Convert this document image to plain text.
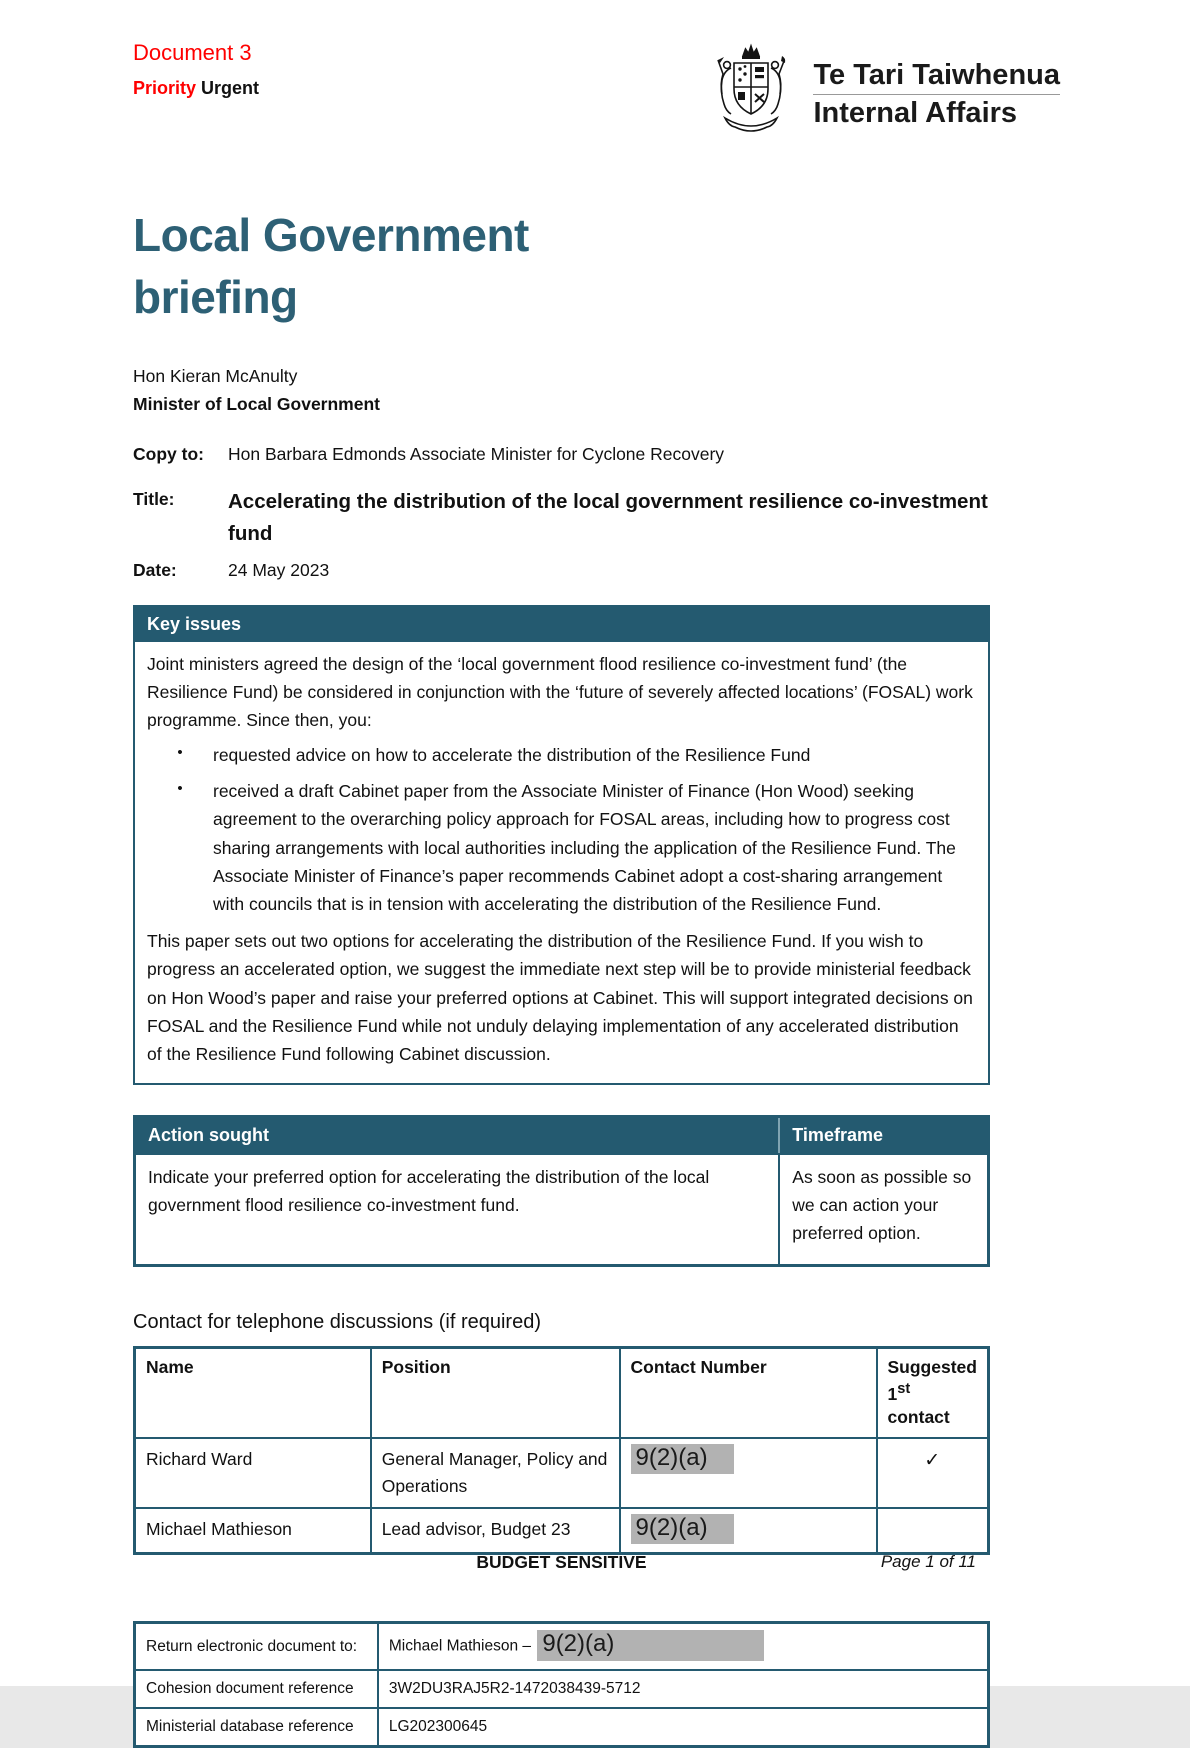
Document 3
Priority Urgent	Te Tari Taiwhenua
Internal Affairs
Local Government briefing
Hon Kieran McAnulty
Minister of Local Government
Copy to:	Hon Barbara Edmonds Associate Minister for Cyclone Recovery
Title:	Accelerating the distribution of the local government resilience co-investment fund
Date:	24 May 2023
Key issues
Joint ministers agreed the design of the ‘local government flood resilience co-investment fund’ (the Resilience Fund) be considered in conjunction with the ‘future of severely affected locations’ (FOSAL) work programme. Since then, you:
•	requested advice on how to accelerate the distribution of the Resilience Fund
•	received a draft Cabinet paper from the Associate Minister of Finance (Hon Wood) seeking agreement to the overarching policy approach for FOSAL areas, including how to progress cost sharing arrangements with local authorities including the application of the Resilience Fund. The Associate Minister of Finance’s paper recommends Cabinet adopt a cost-sharing arrangement with councils that is in tension with accelerating the distribution of the Resilience Fund.
This paper sets out two options for accelerating the distribution of the Resilience Fund. If you wish to progress an accelerated option, we suggest the immediate next step will be to provide ministerial feedback on Hon Wood’s paper and raise your preferred options at Cabinet. This will support integrated decisions on FOSAL and the Resilience Fund while not unduly delaying implementation of any accelerated distribution of the Resilience Fund following Cabinet discussion.
Action sought	Timeframe
Indicate your preferred option for accelerating the distribution of the local government flood resilience co-investment fund.	As soon as possible so we can action your preferred option.
Contact for telephone discussions (if required)
Name	Position	Contact Number	Suggested
1st contact
Richard Ward	General Manager, Policy and Operations	9(2)(a)	✓
Michael Mathieson	Lead advisor, Budget 23	9(2)(a)	
Return electronic document to:	Michael Mathieson – 9(2)(a)
Cohesion document reference	3W2DU3RAJ5R2-1472038439-5712
Ministerial database reference	LG202300645
BUDGET SENSITIVE	Page 1 of 11
